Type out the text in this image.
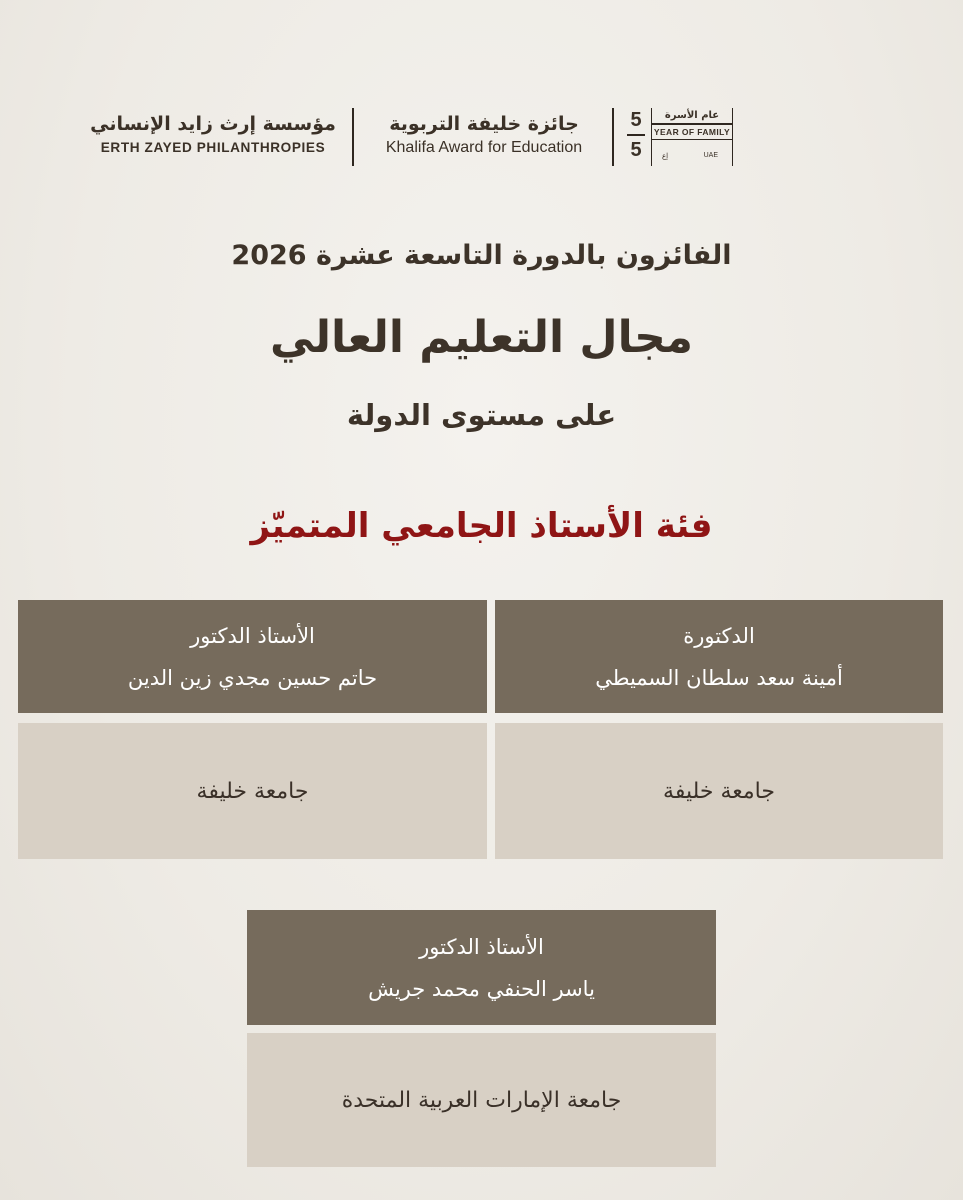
مؤسسة إرث زايد الإنساني
ERTH ZAYED PHILANTHROPIES
جائزة خليفة التربوية
Khalifa Award for Education
5
5
عام الأسرة
YEAR OF FAMILY
ﺇﻉ	UAE
الفائزون بالدورة التاسعة عشرة 2026
مجال التعليم العالي
على مستوى الدولة
فئة الأستاذ الجامعي المتميّز
الدكتورة
أمينة سعد سلطان السميطي
جامعة خليفة
الأستاذ الدكتور
حاتم حسين مجدي زين الدين
جامعة خليفة
الأستاذ الدكتور
ياسر الحنفي محمد جريش
جامعة الإمارات العربية المتحدة
